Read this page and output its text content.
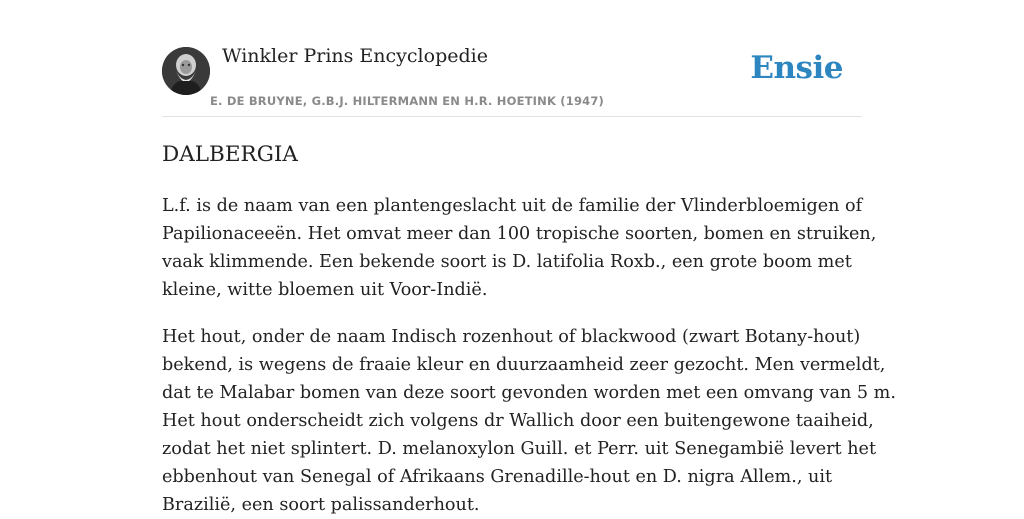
Winkler Prins Encyclopedie
E. DE BRUYNE, G.B.J. HILTERMANN EN H.R. HOETINK (1947)
Ensie
DALBERGIA

L.f. is de naam van een plantengeslacht uit de familie der Vlinderbloemigen of
Papilionaceeën. Het omvat meer dan 100 tropische soorten, bomen en struiken,
vaak klimmende. Een bekende soort is D. latifolia Roxb., een grote boom met
kleine, witte bloemen uit Voor-Indië.

Het hout, onder de naam Indisch rozenhout of blackwood (zwart Botany-hout)
bekend, is wegens de fraaie kleur en duurzaamheid zeer gezocht. Men vermeldt,
dat te Malabar bomen van deze soort gevonden worden met een omvang van 5 m.
Het hout onderscheidt zich volgens dr Wallich door een buitengewone taaiheid,
zodat het niet splintert. D. melanoxylon Guill. et Perr. uit Senegambië levert het
ebbenhout van Senegal of Afrikaans Grenadille-hout en D. nigra Allem., uit
Brazilië, een soort palissanderhout.
